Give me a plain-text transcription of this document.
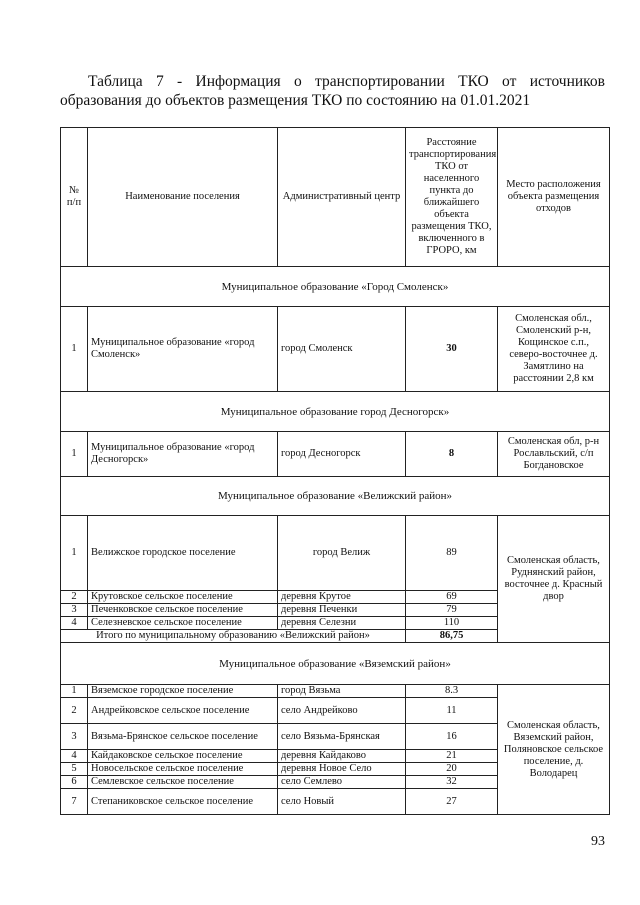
Таблица 7 - Информация о транспортировании ТКО от источников образования до объектов размещения ТКО по состоянию на 01.01.2021
№ п/п	Наименование поселения	Административный центр	Расстояние транспортирования ТКО от населенного пункта до ближайшего объекта размещения ТКО, включенного в ГРОРО, км	Место расположения объекта размещения отходов
Муниципальное образование «Город Смоленск»				
1	Муниципальное образование «город Смоленск»	город Смоленск	30	Смоленская обл., Смоленский р-н, Кощинское с.п., северо-восточнее д. Замятлино на расстоянии 2,8 км
Муниципальное образование город Десногорск»				
1	Муниципальное образование «город Десногорск»	город Десногорск	8	Смоленская обл, р-н Рославльский, с/п Богдановское
Муниципальное образование «Велижский район»				
1	Велижское городское поселение	город Велиж	89	Смоленская область, Руднянский район, восточнее д. Красный двор
2	Крутовское сельское поселение	деревня Крутое	69	
3	Печенковское сельское поселение	деревня Печенки	79	
4	Селезневское сельское поселение	деревня Селезни	110	
Итого по муниципальному образованию «Велижский район»			86,75	
Муниципальное образование «Вяземский район»				
1	Вяземское городское поселение	город Вязьма	8.3	Смоленская область, Вяземский район, Поляновское сельское поселение, д. Володарец
2	Андрейковское сельское поселение	село Андрейково	11	
3	Вязьма-Брянское сельское поселение	село Вязьма-Брянская	16	
4	Кайдаковское сельское поселение	деревня Кайдаково	21	
5	Новосельское сельское поселение	деревня Новое Село	20	
6	Семлевское сельское поселение	село Семлево	32	
7	Степаниковское сельское поселение	село Новый	27	
93
